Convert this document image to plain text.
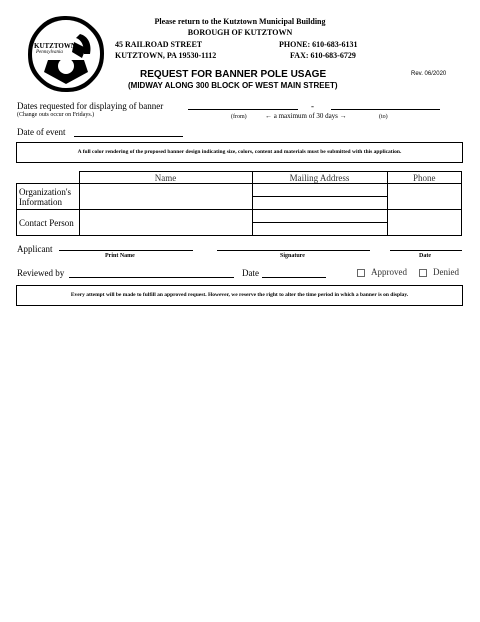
KUTZTOWN
Pennsylvania
Please return to the Kutztown Municipal Building
BOROUGH OF KUTZTOWN
45 RAILROAD STREET	PHONE: 610-683-6131
KUTZTOWN, PA 19530-1112	FAX: 610-683-6729
REQUEST FOR BANNER POLE USAGE	Rev. 06/2020
(MIDWAY ALONG 300 BLOCK OF WEST MAIN STREET)
Dates requested for displaying of banner	-
(Change outs occur on Fridays.)	(from)	← a maximum of 30 days →	(to)
Date of event
A full color rendering of the proposed banner design indicating size, colors, content and materials must be submitted with this application.
	Name	Mailing Address	Phone
Organization's Information			

Contact Person			

Applicant
Print Name	Signature	Date
Reviewed by	Date	Approved	Denied
Every attempt will be made to fulfill an approved request. However, we reserve the right to alter the time period in which a banner is on display.
